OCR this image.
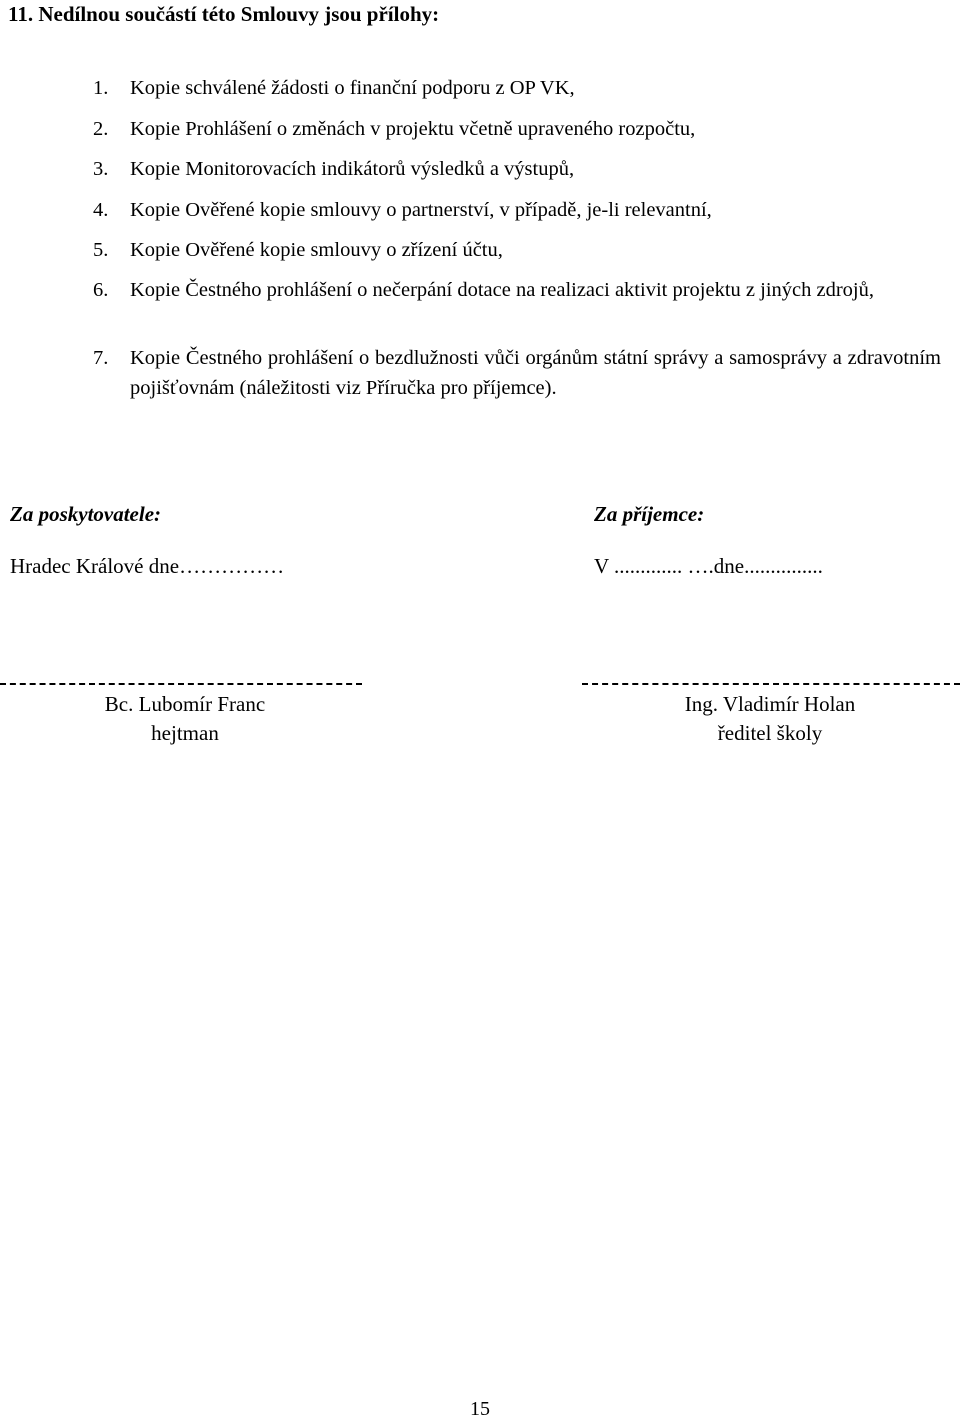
11. Nedílnou součástí této Smlouvy jsou přílohy:
1.	Kopie schválené žádosti o finanční podporu z OP VK,
2.	Kopie Prohlášení o změnách v projektu včetně upraveného rozpočtu,
3.	Kopie Monitorovacích indikátorů výsledků a výstupů,
4.	Kopie Ověřené kopie smlouvy o partnerství, v případě, je-li relevantní,
5.	Kopie Ověřené kopie smlouvy o zřízení účtu,
6.	Kopie Čestného prohlášení o nečerpání dotace na realizaci aktivit projektu z jiných zdrojů,
7.	Kopie Čestného prohlášení o bezdlužnosti vůči orgánům státní správy a samosprávy a zdravotním pojišťovnám (náležitosti viz Příručka pro příjemce).
Za poskytovatele:
Hradec Králové dne……………
Bc. Lubomír Franc
hejtman
Za příjemce:
V ............. ….dne...............
Ing. Vladimír Holan
ředitel školy
15
